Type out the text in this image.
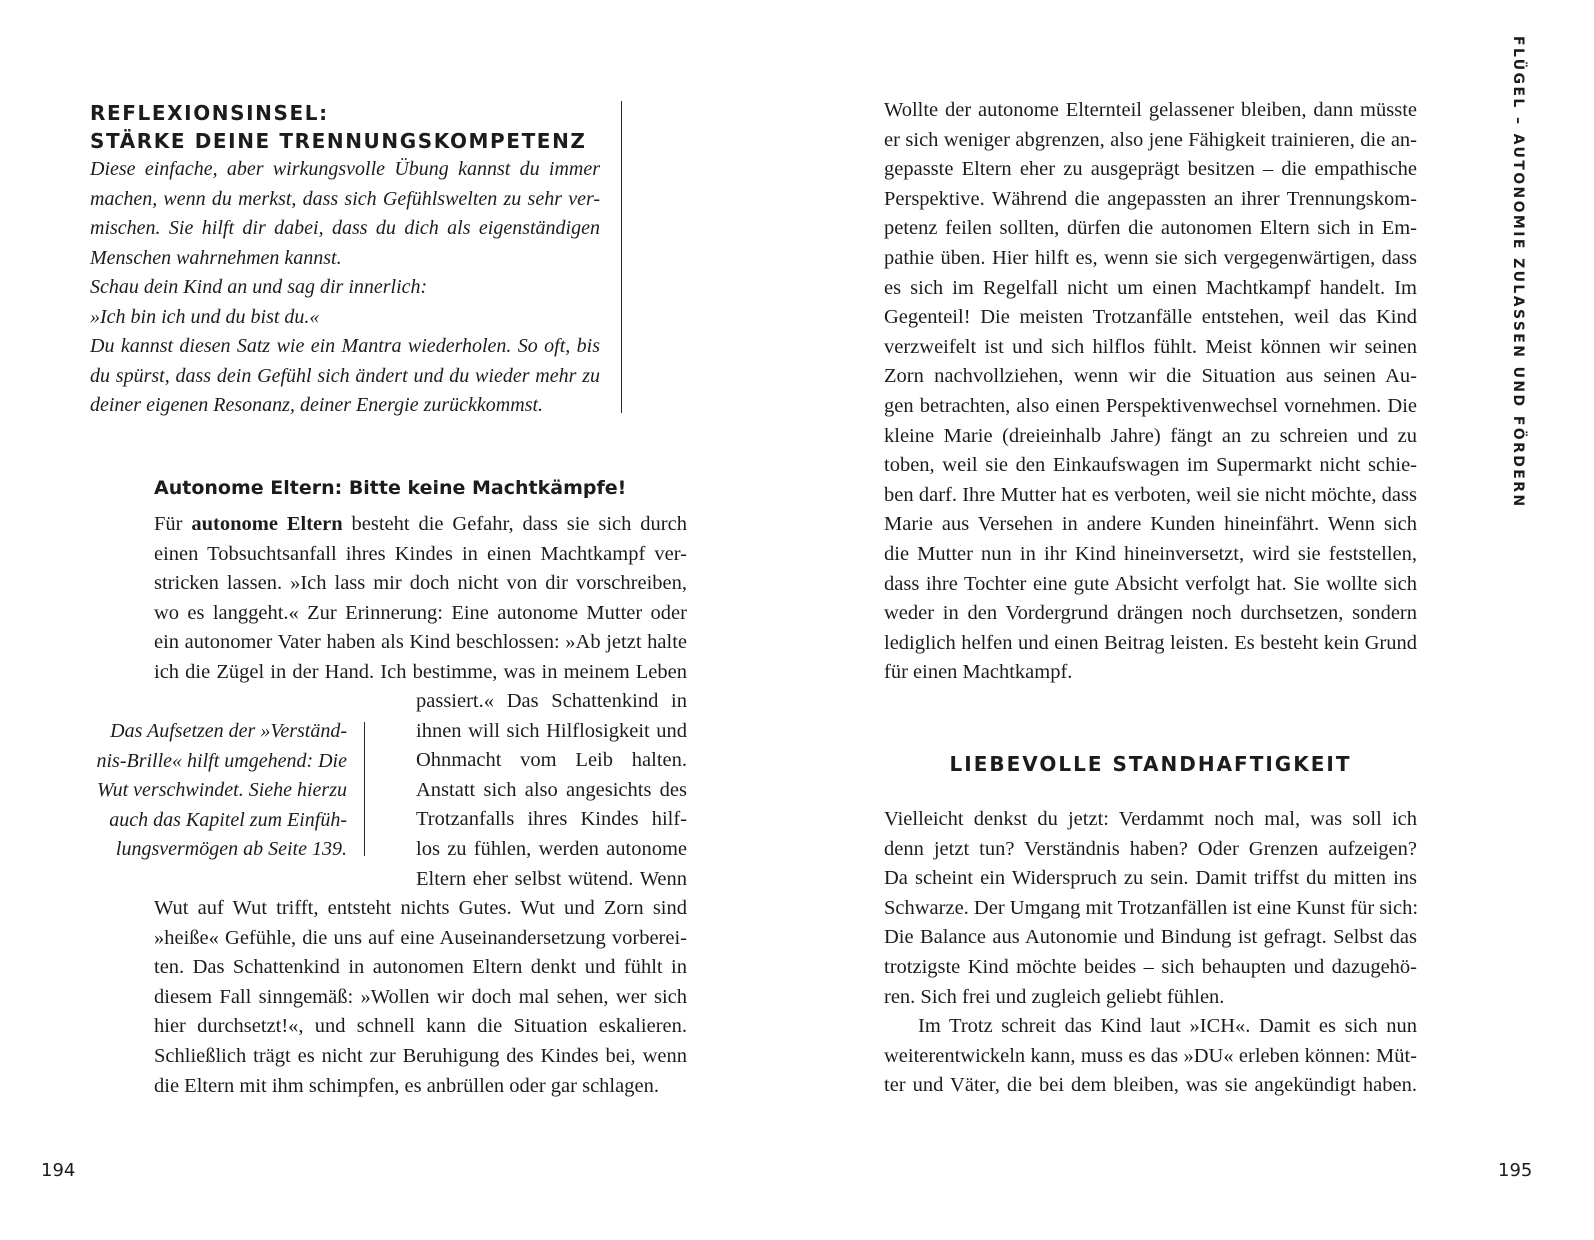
REFLEXIONSINSEL:
STÄRKE DEINE TRENNUNGSKOMPETENZ
Diese einfache, aber wirkungsvolle Übung kannst du immer
machen, wenn du merkst, dass sich Gefühlswelten zu sehr ver-
mischen. Sie hilft dir dabei, dass du dich als eigenständigen
Menschen wahrnehmen kannst.
Schau dein Kind an und sag dir innerlich:
»Ich bin ich und du bist du.«
Du kannst diesen Satz wie ein Mantra wiederholen. So oft, bis
du spürst, dass dein Gefühl sich ändert und du wieder mehr zu
deiner eigenen Resonanz, deiner Energie zurückkommst.
Autonome Eltern: Bitte keine Machtkämpfe!
Für autonome Eltern besteht die Gefahr, dass sie sich durch
einen Tobsuchtsanfall ihres Kindes in einen Machtkampf ver-
stricken lassen. »Ich lass mir doch nicht von dir vorschreiben,
wo es langgeht.« Zur Erinnerung: Eine autonome Mutter oder
ein autonomer Vater haben als Kind beschlossen: »Ab jetzt halte
ich die Zügel in der Hand. Ich bestimme, was in meinem Leben
Das Aufsetzen der »Verständ-
nis-Brille« hilft umgehend: Die
Wut verschwindet. Siehe hierzu
auch das Kapitel zum Einfüh-
lungsvermögen ab Seite 139.
passiert.« Das Schattenkind in
ihnen will sich Hilflosigkeit und
Ohnmacht vom Leib halten.
Anstatt sich also angesichts des
Trotzanfalls ihres Kindes hilf-
los zu fühlen, werden autonome
Eltern eher selbst wütend. Wenn
Wut auf Wut trifft, entsteht nichts Gutes. Wut und Zorn sind
»heiße« Gefühle, die uns auf eine Auseinandersetzung vorberei-
ten. Das Schattenkind in autonomen Eltern denkt und fühlt in
diesem Fall sinngemäß: »Wollen wir doch mal sehen, wer sich
hier durchsetzt!«, und schnell kann die Situation eskalieren.
Schließlich trägt es nicht zur Beruhigung des Kindes bei, wenn
die Eltern mit ihm schimpfen, es anbrüllen oder gar schlagen.
194
Wollte der autonome Elternteil gelassener bleiben, dann müsste
er sich weniger abgrenzen, also jene Fähigkeit trainieren, die an-
gepasste Eltern eher zu ausgeprägt besitzen – die empathische
Perspektive. Während die angepassten an ihrer Trennungskom-
petenz feilen sollten, dürfen die autonomen Eltern sich in Em-
pathie üben. Hier hilft es, wenn sie sich vergegenwärtigen, dass
es sich im Regelfall nicht um einen Machtkampf handelt. Im
Gegenteil! Die meisten Trotzanfälle entstehen, weil das Kind
verzweifelt ist und sich hilflos fühlt. Meist können wir seinen
Zorn nachvollziehen, wenn wir die Situation aus seinen Au-
gen betrachten, also einen Perspektivenwechsel vornehmen. Die
kleine Marie (dreieinhalb Jahre) fängt an zu schreien und zu
toben, weil sie den Einkaufswagen im Supermarkt nicht schie-
ben darf. Ihre Mutter hat es verboten, weil sie nicht möchte, dass
Marie aus Versehen in andere Kunden hineinfährt. Wenn sich
die Mutter nun in ihr Kind hineinversetzt, wird sie feststellen,
dass ihre Tochter eine gute Absicht verfolgt hat. Sie wollte sich
weder in den Vordergrund drängen noch durchsetzen, sondern
lediglich helfen und einen Beitrag leisten. Es besteht kein Grund
für einen Machtkampf.
LIEBEVOLLE STANDHAFTIGKEIT
Vielleicht denkst du jetzt: Verdammt noch mal, was soll ich
denn jetzt tun? Verständnis haben? Oder Grenzen aufzeigen?
Da scheint ein Widerspruch zu sein. Damit triffst du mitten ins
Schwarze. Der Umgang mit Trotzanfällen ist eine Kunst für sich:
Die Balance aus Autonomie und Bindung ist gefragt. Selbst das
trotzigste Kind möchte beides – sich behaupten und dazugehö-
ren. Sich frei und zugleich geliebt fühlen.
Im Trotz schreit das Kind laut »ICH«. Damit es sich nun
weiterentwickeln kann, muss es das »DU« erleben können: Müt-
ter und Väter, die bei dem bleiben, was sie angekündigt haben.
FLÜGEL – AUTONOMIE ZULASSEN UND FÖRDERN
195
